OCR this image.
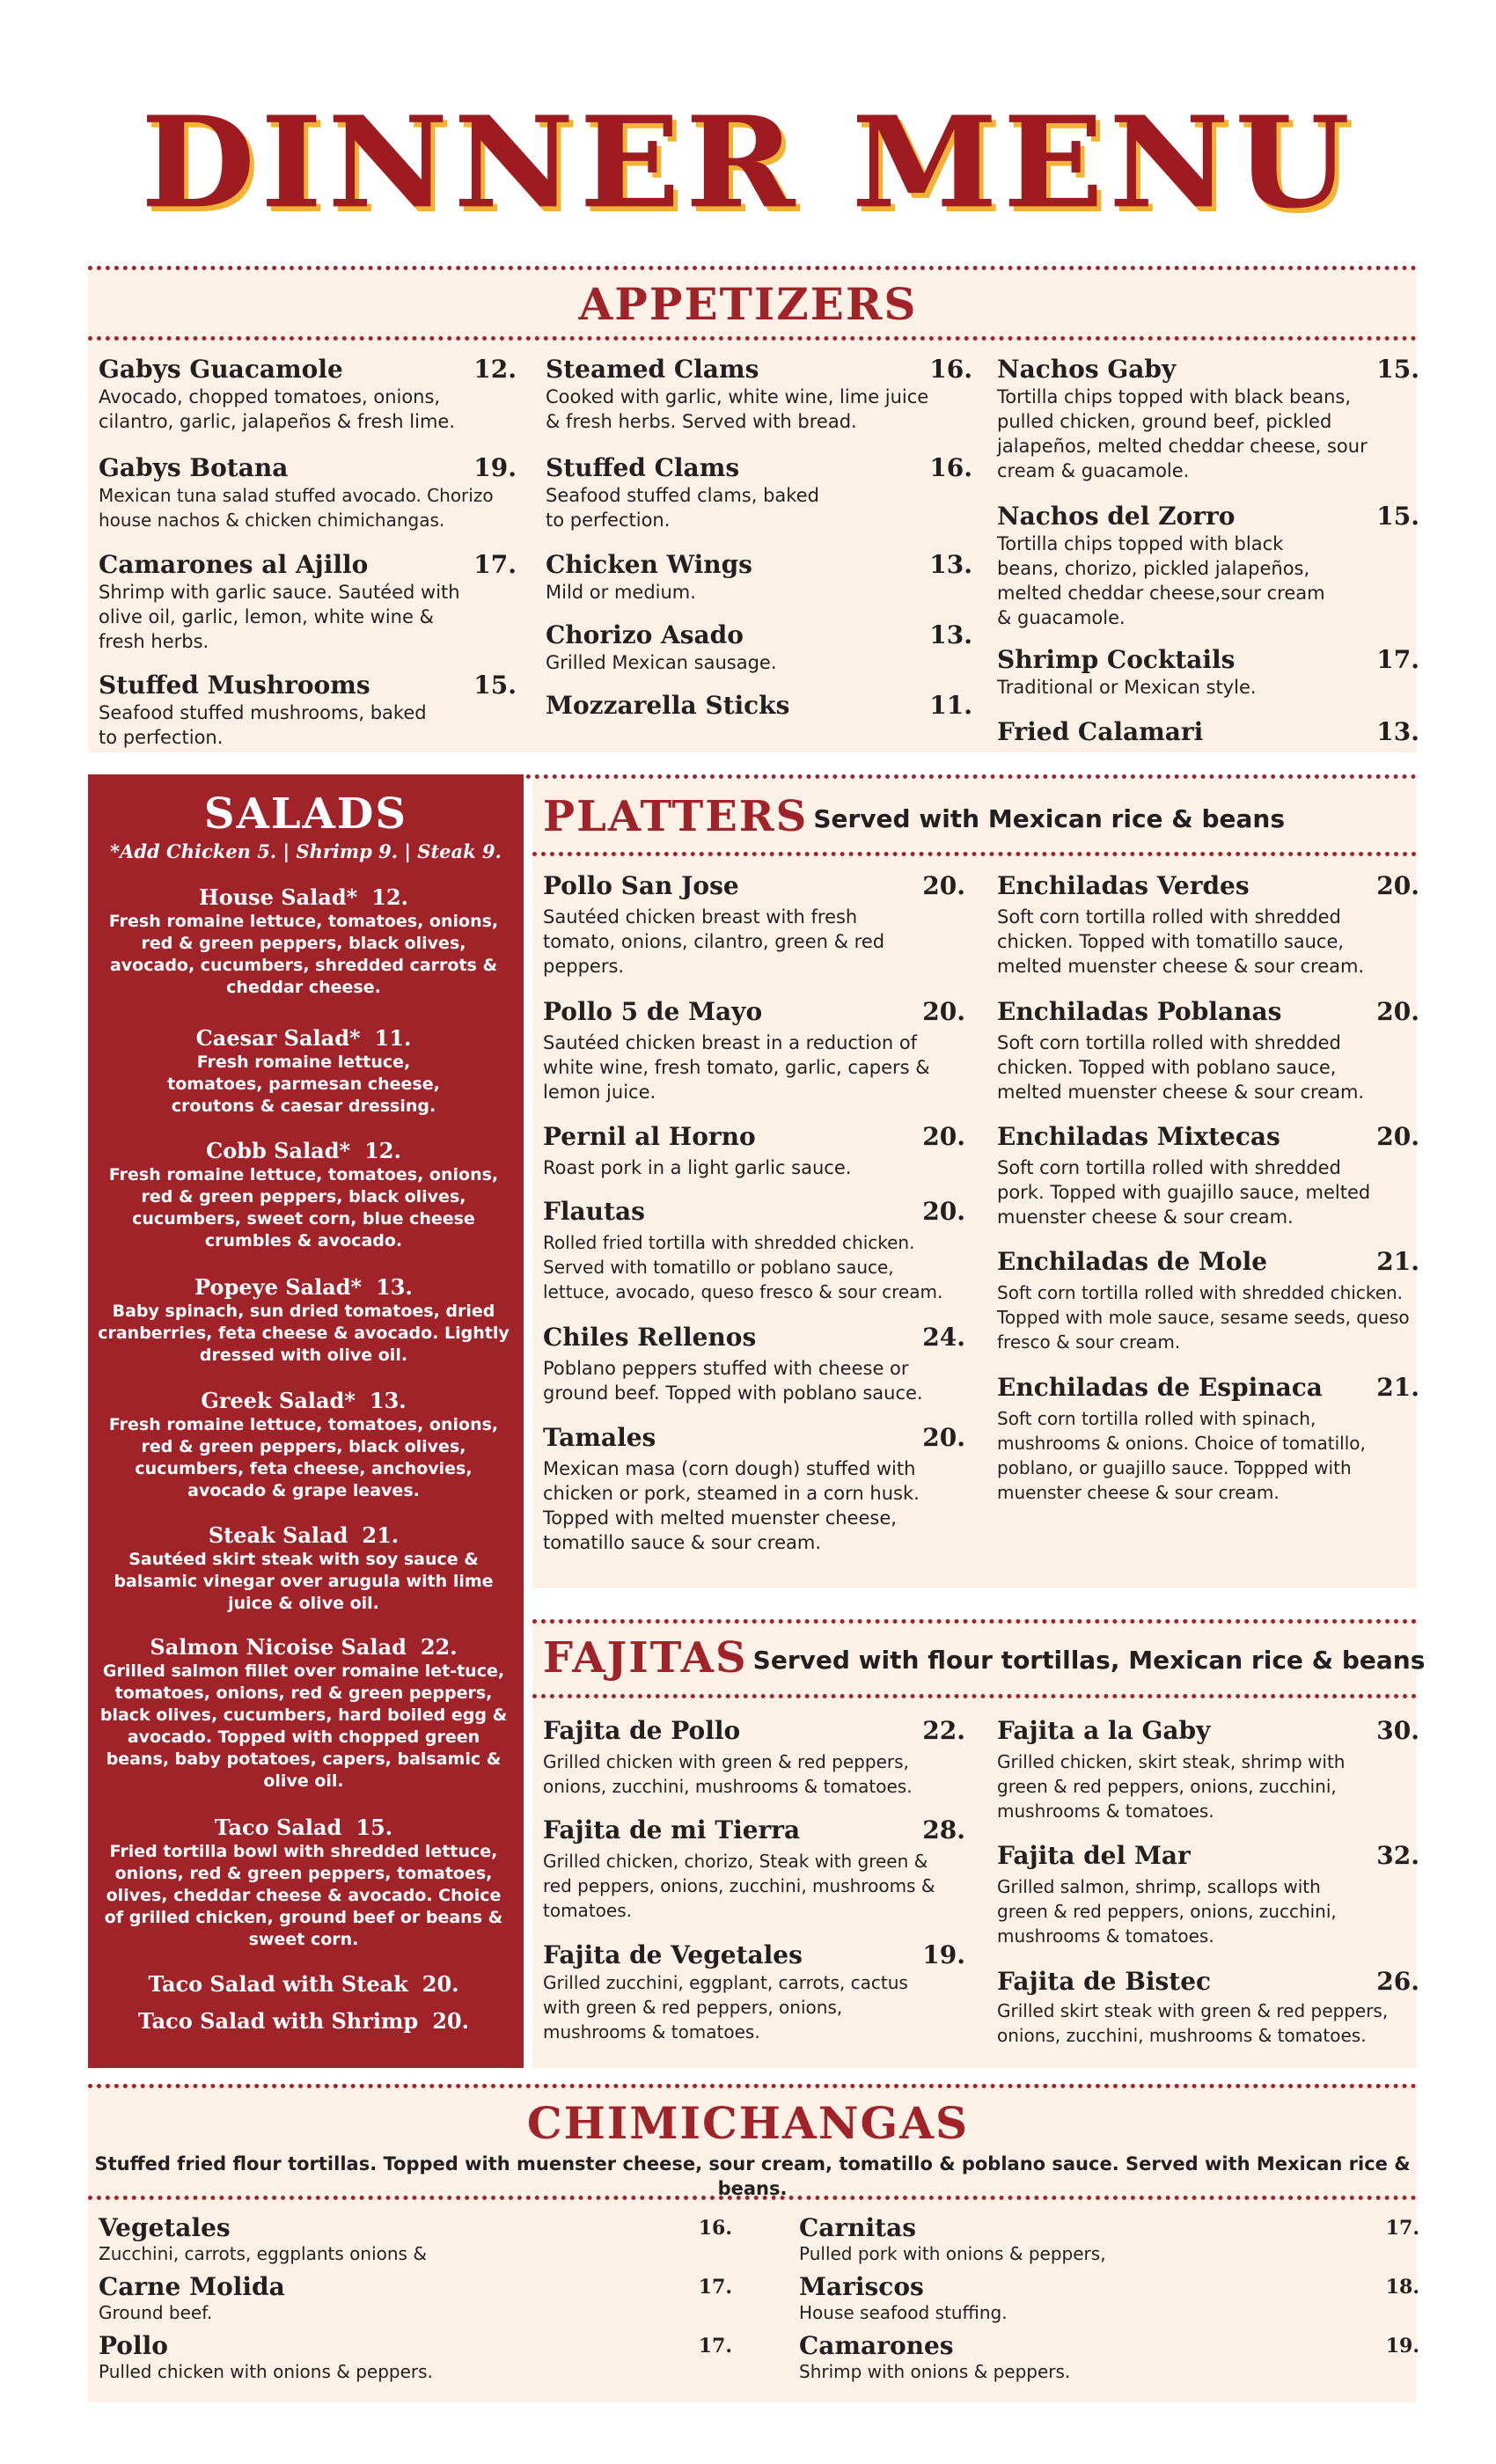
DINNER MENU
APPETIZERS
Gabys Guacamole	12.
Avocado, chopped tomatoes, onions, cilantro, garlic, jalapeños & fresh lime.
Gabys Botana	19.
Mexican tuna salad stuffed avocado. Chorizo house nachos & chicken chimichangas.
Camarones al Ajillo	17.
Shrimp with garlic sauce. Sautéed with olive oil, garlic, lemon, white wine & fresh herbs.
Stuffed Mushrooms	15.
Seafood stuffed mushrooms, baked to perfection.
Steamed Clams	16.
Cooked with garlic, white wine, lime juice & fresh herbs. Served with bread.
Stuffed Clams	16.
Seafood stuffed clams, baked to perfection.
Chicken Wings	13.
Mild or medium.
Chorizo Asado	13.
Grilled Mexican sausage.
Mozzarella Sticks	11.
Nachos Gaby	15.
Tortilla chips topped with black beans, pulled chicken, ground beef, pickled jalapeños, melted cheddar cheese, sour cream & guacamole.
Nachos del Zorro	15.
Tortilla chips topped with black beans, chorizo, pickled jalapeños, melted cheddar cheese,sour cream & guacamole.
Shrimp Cocktails	17.
Traditional or Mexican style.
Fried Calamari	13.
SALADS
*Add Chicken 5. | Shrimp 9. | Steak 9.
House Salad* 12.
Fresh romaine lettuce, tomatoes, onions, red & green peppers, black olives, avocado, cucumbers, shredded carrots & cheddar cheese.
Caesar Salad* 11.
Fresh romaine lettuce, tomatoes, parmesan cheese, croutons & caesar dressing.
Cobb Salad* 12.
Fresh romaine lettuce, tomatoes, onions, red & green peppers, black olives, cucumbers, sweet corn, blue cheese crumbles & avocado.
Popeye Salad* 13.
Baby spinach, sun dried tomatoes, dried cranberries, feta cheese & avocado. Lightly dressed with olive oil.
Greek Salad* 13.
Fresh romaine lettuce, tomatoes, onions, red & green peppers, black olives, cucumbers, feta cheese, anchovies, avocado & grape leaves.
Steak Salad 21.
Sautéed skirt steak with soy sauce & balsamic vinegar over arugula with lime juice & olive oil.
Salmon Nicoise Salad 22.
Grilled salmon fillet over romaine let-tuce, tomatoes, onions, red & green peppers, black olives, cucumbers, hard boiled egg & avocado. Topped with chopped green beans, baby potatoes, capers, balsamic & olive oil.
Taco Salad 15.
Fried tortilla bowl with shredded lettuce, onions, red & green peppers, tomatoes, olives, cheddar cheese & avocado. Choice of grilled chicken, ground beef or beans & sweet corn.
Taco Salad with Steak 20.
Taco Salad with Shrimp 20.
PLATTERS Served with Mexican rice & beans
Pollo San Jose	20.
Sautéed chicken breast with fresh tomato, onions, cilantro, green & red peppers.
Pollo 5 de Mayo	20.
Sautéed chicken breast in a reduction of white wine, fresh tomato, garlic, capers & lemon juice.
Pernil al Horno	20.
Roast pork in a light garlic sauce.
Flautas	20.
Rolled fried tortilla with shredded chicken. Served with tomatillo or poblano sauce, lettuce, avocado, queso fresco & sour cream.
Chiles Rellenos	24.
Poblano peppers stuffed with cheese or ground beef. Topped with poblano sauce.
Tamales	20.
Mexican masa (corn dough) stuffed with chicken or pork, steamed in a corn husk. Topped with melted muenster cheese, tomatillo sauce & sour cream.
Enchiladas Verdes	20.
Soft corn tortilla rolled with shredded chicken. Topped with tomatillo sauce, melted muenster cheese & sour cream.
Enchiladas Poblanas	20.
Soft corn tortilla rolled with shredded chicken. Topped with poblano sauce, melted muenster cheese & sour cream.
Enchiladas Mixtecas	20.
Soft corn tortilla rolled with shredded pork. Topped with guajillo sauce, melted muenster cheese & sour cream.
Enchiladas de Mole	21.
Soft corn tortilla rolled with shredded chicken. Topped with mole sauce, sesame seeds, queso fresco & sour cream.
Enchiladas de Espinaca	21.
Soft corn tortilla rolled with spinach, mushrooms & onions. Choice of tomatillo, poblano, or guajillo sauce. Toppped with muenster cheese & sour cream.
FAJITAS Served with flour tortillas, Mexican rice & beans
Fajita de Pollo	22.
Grilled chicken with green & red peppers, onions, zucchini, mushrooms & tomatoes.
Fajita de mi Tierra	28.
Grilled chicken, chorizo, Steak with green & red peppers, onions, zucchini, mushrooms & tomatoes.
Fajita de Vegetales	19.
Grilled zucchini, eggplant, carrots, cactus with green & red peppers, onions, mushrooms & tomatoes.
Fajita a la Gaby	30.
Grilled chicken, skirt steak, shrimp with green & red peppers, onions, zucchini, mushrooms & tomatoes.
Fajita del Mar	32.
Grilled salmon, shrimp, scallops with green & red peppers, onions, zucchini, mushrooms & tomatoes.
Fajita de Bistec	26.
Grilled skirt steak with green & red peppers, onions, zucchini, mushrooms & tomatoes.
CHIMICHANGAS
Stuffed fried flour tortillas. Topped with muenster cheese, sour cream, tomatillo & poblano sauce. Served with Mexican rice & beans.
Vegetales	16.
Zucchini, carrots, eggplants onions &
Carne Molida	17.
Ground beef.
Pollo	17.
Pulled chicken with onions & peppers.
Carnitas	17.
Pulled pork with onions & peppers,
Mariscos	18.
House seafood stuffing.
Camarones	19.
Shrimp with onions & peppers.
